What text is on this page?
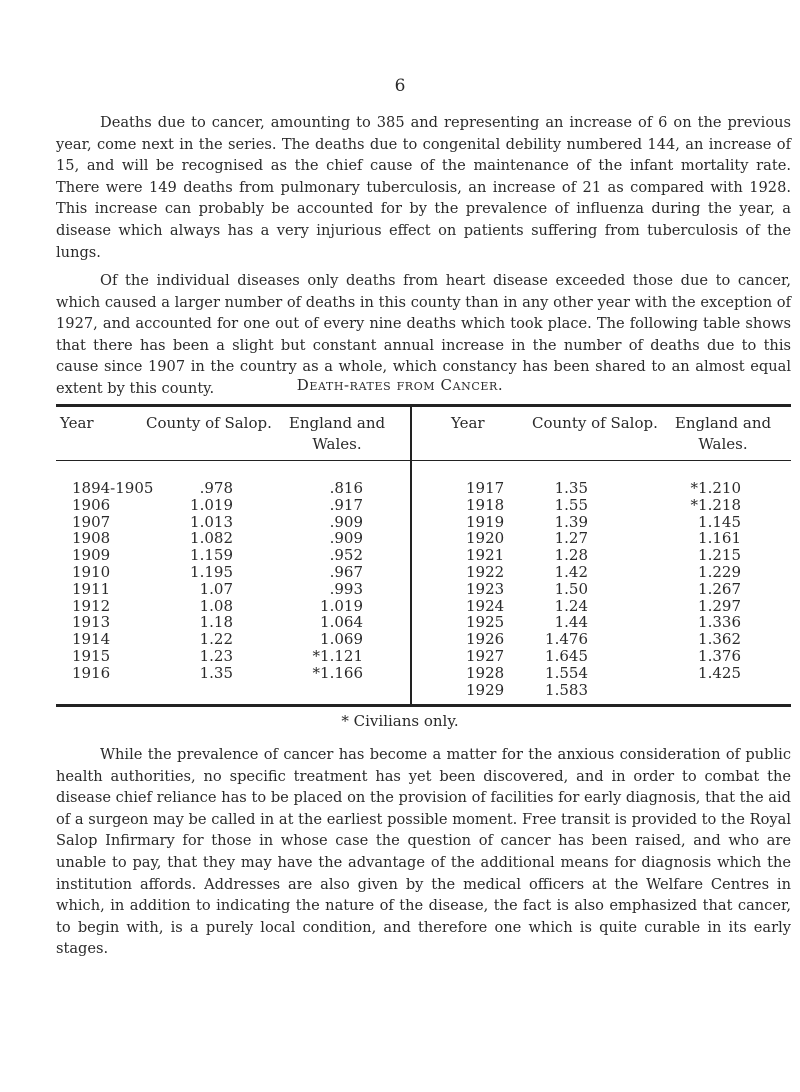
6

Deaths due to cancer, amounting to 385 and representing an increase of 6 on the previous year, come next in the series. The deaths due to congenital debility numbered 144, an increase of 15, and will be recognised as the chief cause of the maintenance of the infant mortality rate. There were 149 deaths from pulmonary tuberculosis, an increase of 21 as compared with 1928. This increase can probably be accounted for by the prevalence of influenza during the year, a disease which always has a very injurious effect on patients suffering from tuberculosis of the lungs.

Of the individual diseases only deaths from heart disease exceeded those due to cancer, which caused a larger number of deaths in this county than in any other year with the exception of 1927, and accounted for one out of every nine deaths which took place. The following table shows that there has been a slight but constant annual increase in the number of deaths due to this cause since 1907 in the country as a whole, which constancy has been shared to an almost equal extent by this county.	Death-rates from Cancer.
Year	County of Salop.	England and Wales.
Year	County of Salop.	England and Wales.
1894-1905	.978	.816
1906	1.019	.917
1907	1.013	.909
1908	1.082	.909
1909	1.159	.952
1910	1.195	.967
1911	1.07	.993
1912	1.08	1.019
1913	1.18	1.064
1914	1.22	1.069
1915	1.23	*1.121
1916	1.35	*1.166
1917	1.35	*1.210
1918	1.55	*1.218
1919	1.39	1.145
1920	1.27	1.161
1921	1.28	1.215
1922	1.42	1.229
1923	1.50	1.267
1924	1.24	1.297
1925	1.44	1.336
1926	1.476	1.362
1927	1.645	1.376
1928	1.554	1.425
1929	1.583
* Civilians only.

While the prevalence of cancer has become a matter for the anxious consideration of public health authorities, no specific treatment has yet been discovered, and in order to combat the disease chief reliance has to be placed on the provision of facilities for early diagnosis, that the aid of a surgeon may be called in at the earliest possible moment. Free transit is provided to the Royal Salop Infirmary for those in whose case the question of cancer has been raised, and who are unable to pay, that they may have the advantage of the additional means for diagnosis which the institution affords. Addresses are also given by the medical officers at the Welfare Centres in which, in addition to indicating the nature of the disease, the fact is also emphasized that cancer, to begin with, is a purely local condition, and therefore one which is quite curable in its early stages.
